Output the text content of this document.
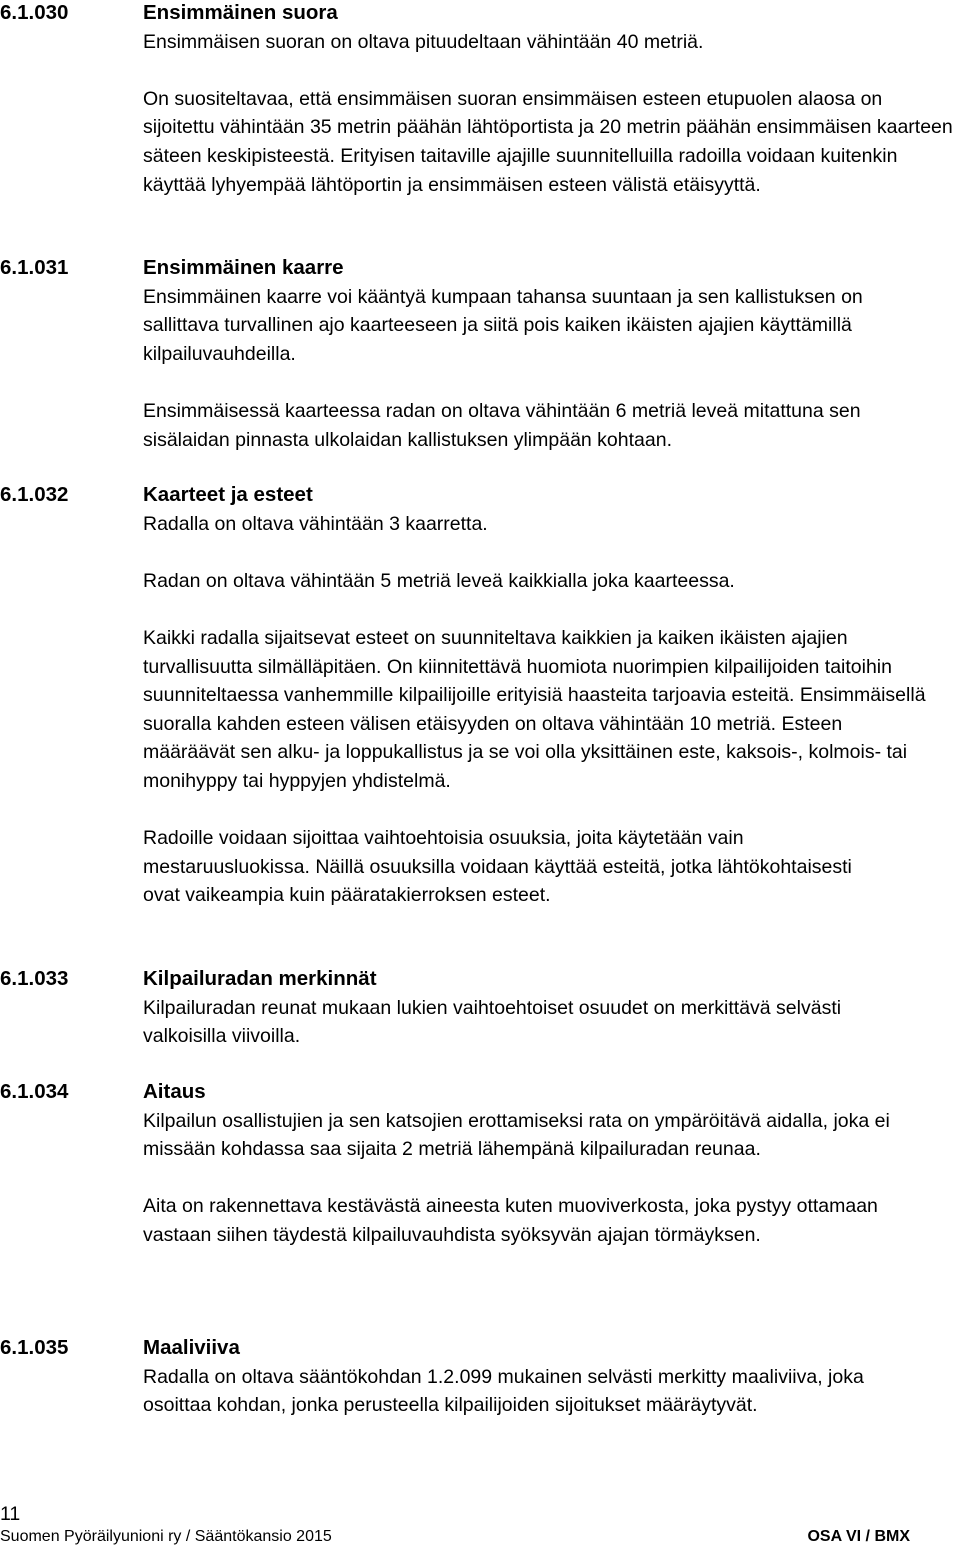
6.1.030	Ensimmäinen suora

Ensimmäisen suoran on oltava pituudeltaan vähintään 40 metriä.

On suositeltavaa, että ensimmäisen suoran ensimmäisen esteen etupuolen alaosa on sijoitettu vähintään 35 metrin päähän lähtöportista ja 20 metrin päähän ensimmäisen kaarteen säteen keskipisteestä. Erityisen taitaville ajajille suunnitelluilla radoilla voidaan kuitenkin käyttää lyhyempää lähtöportin ja ensimmäisen esteen välistä etäisyyttä.

6.1.031	Ensimmäinen kaarre

Ensimmäinen kaarre voi kääntyä kumpaan tahansa suuntaan ja sen kallistuksen on sallittava turvallinen ajo kaarteeseen ja siitä pois kaiken ikäisten ajajien käyttämillä kilpailuvauhdeilla.

Ensimmäisessä kaarteessa radan on oltava vähintään 6 metriä leveä mitattuna sen sisälaidan pinnasta ulkolaidan kallistuksen ylimpään kohtaan.

6.1.032	Kaarteet ja esteet

Radalla on oltava vähintään 3 kaarretta.

Radan on oltava vähintään 5 metriä leveä kaikkialla joka kaarteessa.

Kaikki radalla sijaitsevat esteet on suunniteltava kaikkien ja kaiken ikäisten ajajien turvallisuutta silmälläpitäen. On kiinnitettävä huomiota nuorimpien kilpailijoiden taitoihin suunniteltaessa vanhemmille kilpailijoille erityisiä haasteita tarjoavia esteitä. Ensimmäisellä suoralla kahden esteen välisen etäisyyden on oltava vähintään 10 metriä. Esteen määräävät sen alku- ja loppukallistus ja se voi olla yksittäinen este, kaksois-, kolmois- tai monihyppy tai hyppyjen yhdistelmä.

Radoille voidaan sijoittaa vaihtoehtoisia osuuksia, joita käytetään vain mestaruusluokissa. Näillä osuuksilla voidaan käyttää esteitä, jotka lähtökohtaisesti ovat vaikeampia kuin pääratakierroksen esteet.

6.1.033	Kilpailuradan merkinnät

Kilpailuradan reunat mukaan lukien vaihtoehtoiset osuudet on merkittävä selvästi valkoisilla viivoilla.

6.1.034	Aitaus

Kilpailun osallistujien ja sen katsojien erottamiseksi rata on ympäröitävä aidalla, joka ei missään kohdassa saa sijaita 2 metriä lähempänä kilpailuradan reunaa.

Aita on rakennettava kestävästä aineesta kuten muoviverkosta, joka pystyy ottamaan vastaan siihen täydestä kilpailuvauhdista syöksyvän ajajan törmäyksen.

6.1.035	Maaliviiva

Radalla on oltava sääntökohdan 1.2.099 mukainen selvästi merkitty maaliviiva, joka osoittaa kohdan, jonka perusteella kilpailijoiden sijoitukset määräytyvät.

11
Suomen Pyöräilyunioni ry / Sääntökansio 2015	OSA VI / BMX
